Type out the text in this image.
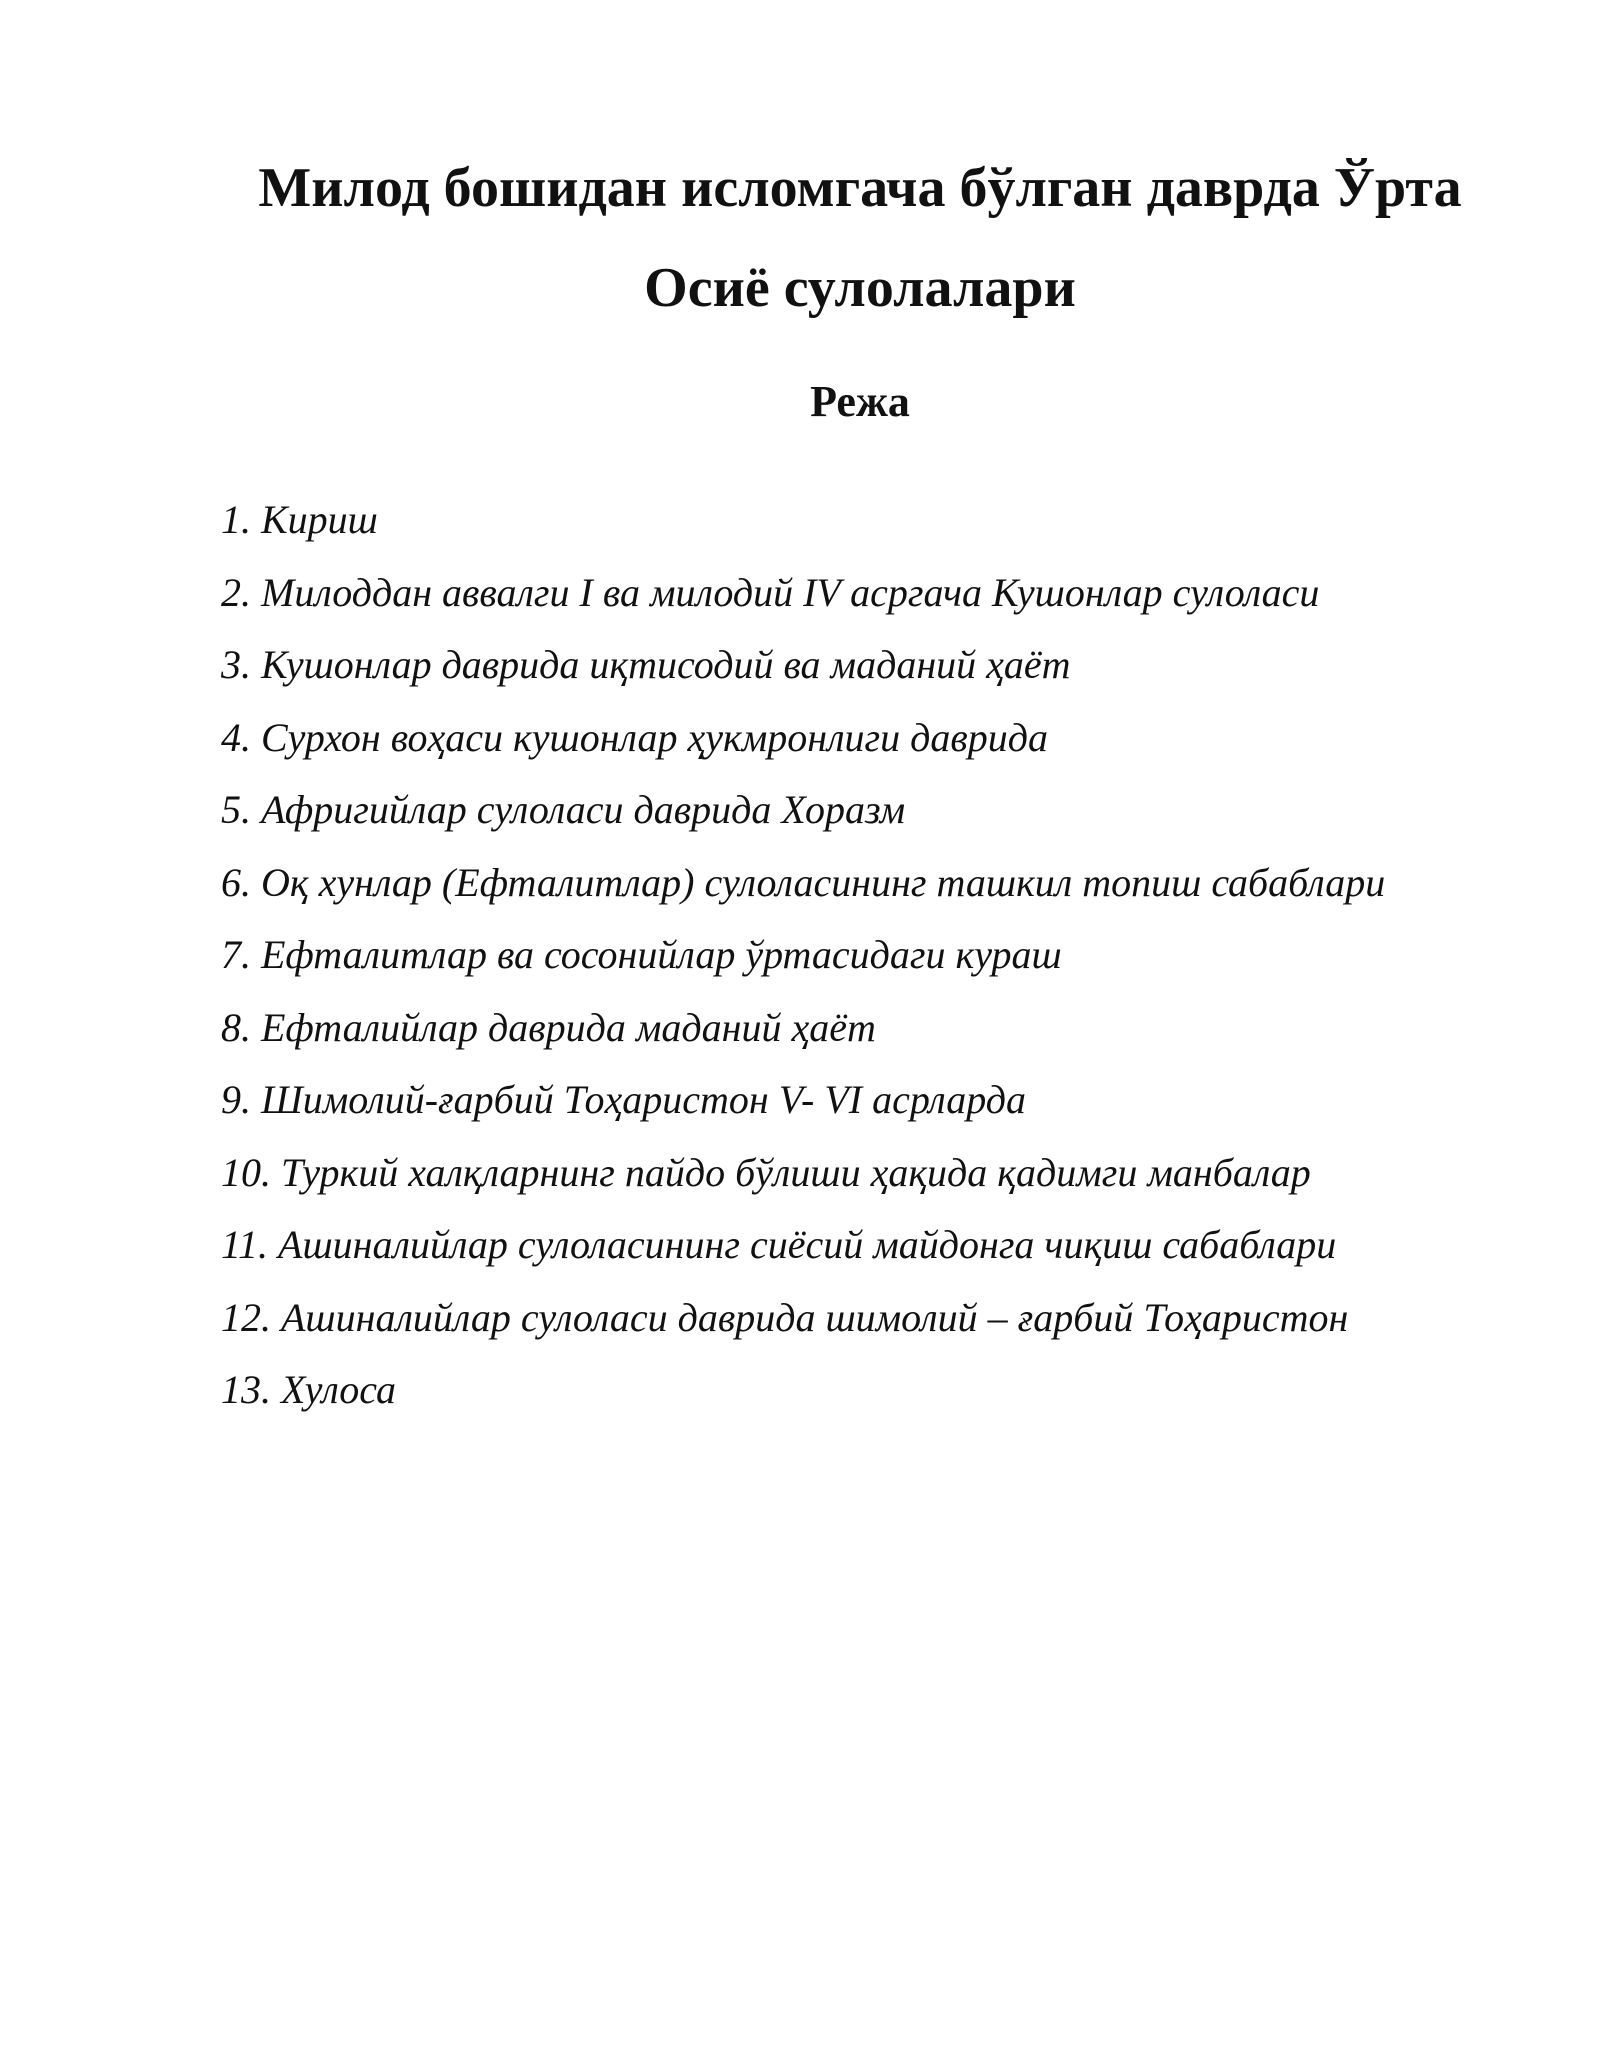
Милод бошидан исломгача бўлган даврда Ўрта
Осиё сулолалари
Режа
1. Кириш
2. Милоддан аввалги I ва милодий IV асргача Кушонлар сулоласи
3. Кушонлар даврида иқтисодий ва маданий ҳаёт
4. Сурхон воҳаси кушонлар ҳукмронлиги даврида
5. Афригийлар сулоласи даврида Хоразм
6. Оқ хунлар (Ефталитлар) сулоласининг ташкил топиш сабаблари
7. Ефталитлар ва сосонийлар ўртасидаги кураш
8. Ефталийлар даврида маданий ҳаёт
9. Шимолий-ғарбий Тоҳаристон V- VI асрларда
10. Туркий халқларнинг пайдо бўлиши ҳақида қадимги манбалар
11. Ашиналийлар сулоласининг сиёсий майдонга чиқиш сабаблари
12. Ашиналийлар сулоласи даврида шимолий – ғарбий Тоҳаристон
13. Хулоса
